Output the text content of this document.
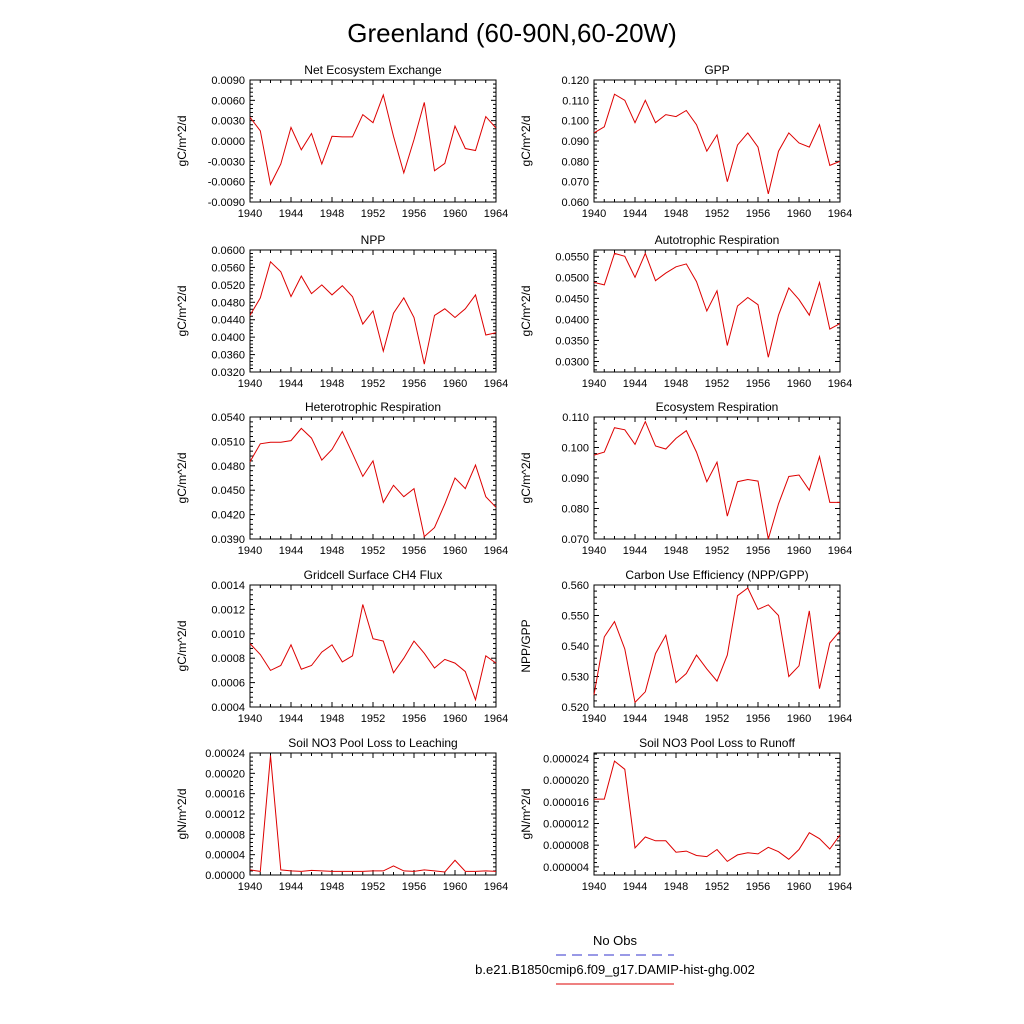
Greenland (60-90N,60-20W)
Net Ecosystem Exchange
gC/m^2/d
1940 1944 1948 1952 1956 1960 1964
-0.0090
-0.0060
-0.0030
0.0000
0.0030
0.0060
0.0090
GPP
gC/m^2/d
1940 1944 1948 1952 1956 1960 1964
0.060
0.070
0.080
0.090
0.100
0.110
0.120
NPP
gC/m^2/d
1940 1944 1948 1952 1956 1960 1964
0.0320
0.0360
0.0400
0.0440
0.0480
0.0520
0.0560
0.0600
Autotrophic Respiration
gC/m^2/d
1940 1944 1948 1952 1956 1960 1964
0.0300
0.0350
0.0400
0.0450
0.0500
0.0550
Heterotrophic Respiration
gC/m^2/d
1940 1944 1948 1952 1956 1960 1964
0.0390
0.0420
0.0450
0.0480
0.0510
0.0540
Ecosystem Respiration
gC/m^2/d
1940 1944 1948 1952 1956 1960 1964
0.070
0.080
0.090
0.100
0.110
Gridcell Surface CH4 Flux
gC/m^2/d
1940 1944 1948 1952 1956 1960 1964
0.0004
0.0006
0.0008
0.0010
0.0012
0.0014
Carbon Use Efficiency (NPP/GPP)
NPP/GPP
1940 1944 1948 1952 1956 1960 1964
0.520
0.530
0.540
0.550
0.560
Soil NO3 Pool Loss to Leaching
gN/m^2/d
1940 1944 1948 1952 1956 1960 1964
0.00000
0.00004
0.00008
0.00012
0.00016
0.00020
0.00024
Soil NO3 Pool Loss to Runoff
gN/m^2/d
1940 1944 1948 1952 1956 1960 1964
0.000004
0.000008
0.000012
0.000016
0.000020
0.000024
No Obs
b.e21.B1850cmip6.f09_g17.DAMIP-hist-ghg.002
